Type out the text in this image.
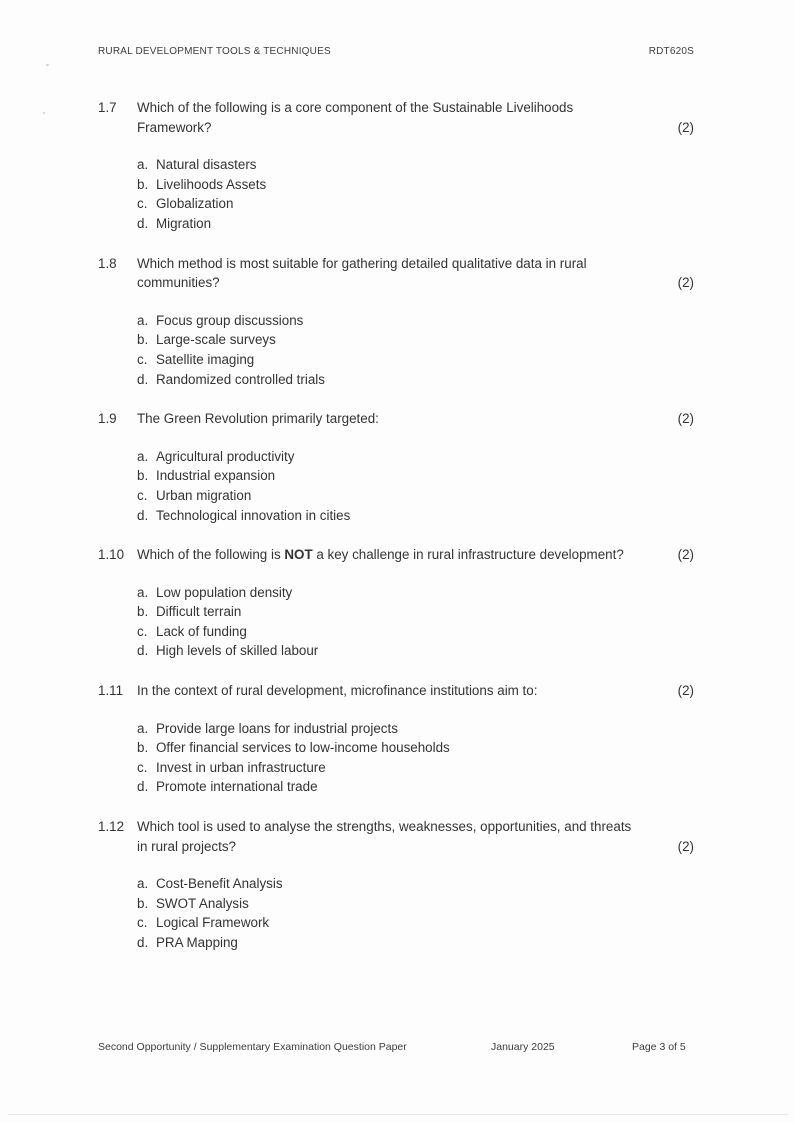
RURAL DEVELOPMENT TOOLS & TECHNIQUES	RDT620S
1.7	Which of the following is a core component of the Sustainable Livelihoods
Framework?	(2)
a. Natural disasters
b. Livelihoods Assets
c. Globalization
d. Migration
1.8	Which method is most suitable for gathering detailed qualitative data in rural
communities?	(2)
a. Focus group discussions
b. Large-scale surveys
c. Satellite imaging
d. Randomized controlled trials
1.9	The Green Revolution primarily targeted:	(2)
a. Agricultural productivity
b. Industrial expansion
c. Urban migration
d. Technological innovation in cities
1.10 Which of the following is NOT a key challenge in rural infrastructure development?	(2)
a. Low population density
b. Difficult terrain
c. Lack of funding
d. High levels of skilled labour
1.11	In the context of rural development, microfinance institutions aim to:	(2)
a. Provide large loans for industrial projects
b. Offer financial services to low-income households
c. Invest in urban infrastructure
d. Promote international trade
1.12 Which tool is used to analyse the strengths, weaknesses, opportunities, and threats
in rural projects?	(2)
a. Cost-Benefit Analysis
b. SWOT Analysis
c. Logical Framework
d. PRA Mapping
Second Opportunity / Supplementary Examination Question Paper	January 2025	Page 3 of 5
